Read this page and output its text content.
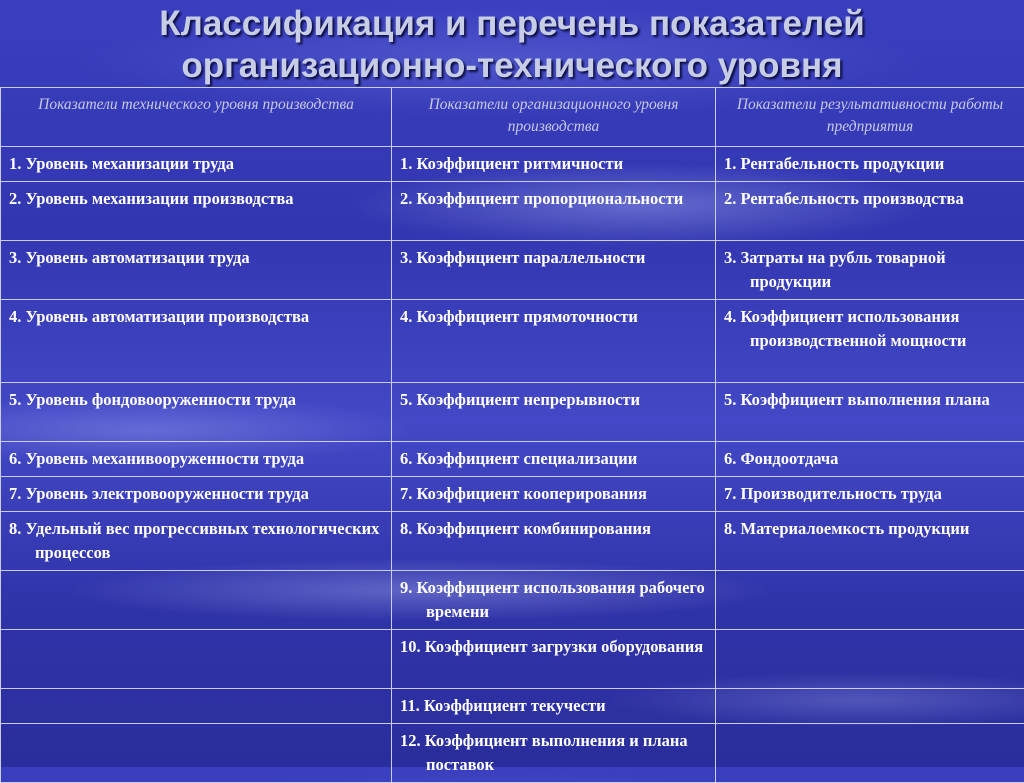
Классификация и перечень показателей
организационно-технического уровня
Показатели технического уровня производства	Показатели организационного уровня производства	Показатели результативности работы предприятия

1. Уровень механизации труда	1. Коэффициент ритмичности	1. Рентабельность продукции

2. Уровень механизации производства	2. Коэффициент пропорциональности	2. Рентабельность производства

3. Уровень автоматизации труда	3. Коэффициент параллельности	3. Затраты на рубль товарной продукции

4. Уровень автоматизации производства	4. Коэффициент прямоточности	4. Коэффициент использования производственной мощности

5. Уровень фондовооруженности труда	5. Коэффициент непрерывности	5. Коэффициент выполнения плана

6. Уровень механивооруженности труда	6. Коэффициент специализации	6. Фондоотдача

7. Уровень электровооруженности труда	7. Коэффициент кооперирования	7. Производительность труда

8. Удельный вес прогрессивных технологических процессов	8. Коэффициент комбинирования	8. Материалоемкость продукции

	9. Коэффициент использования рабочего времени	

	10. Коэффициент загрузки оборудования	

	11. Коэффициент текучести	

	12. Коэффициент выполнения и плана поставок	
